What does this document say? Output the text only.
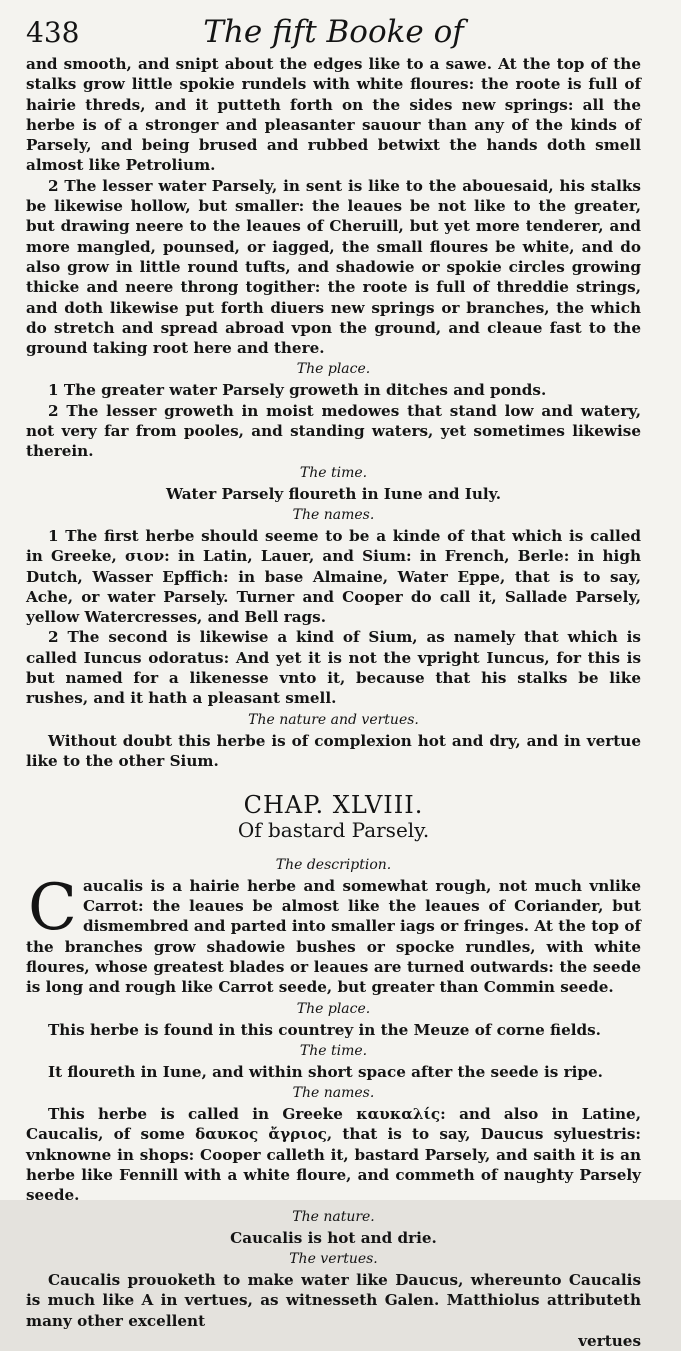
438	The fift Booke of

and smooth, and snipt about the edges like to a sawe. At the top of the stalks grow little spokie rundels with white floures: the roote is full of hairie threds, and it putteth forth on the sides new springs: all the herbe is of a stronger and pleasanter sauour than any of the kinds of Parsely, and being brused and rubbed betwixt the hands doth smell almost like Petrolium.

2 The lesser water Parsely, in sent is like to the abouesaid, his stalks be likewise hollow, but smaller: the leaues be not like to the greater, but drawing neere to the leaues of Cheruill, but yet more tenderer, and more mangled, pounsed, or iagged, the small floures be white, and do also grow in little round tufts, and shadowie or spokie circles growing thicke and neere throng togither: the roote is full of threddie strings, and doth likewise put forth diuers new springs or branches, the which do stretch and spread abroad vpon the ground, and cleaue fast to the ground taking root here and there.

The place.

1 The greater water Parsely groweth in ditches and ponds.

2 The lesser groweth in moist medowes that stand low and watery, not very far from pooles, and standing waters, yet sometimes likewise therein.

The time.

Water Parsely floureth in Iune and Iuly.

The names.

1 The first herbe should seeme to be a kinde of that which is called in Greeke, σιον: in Latin, Lauer, and Sium: in French, Berle: in high Dutch, Wasser Epffich: in base Almaine, Water Eppe, that is to say, Ache, or water Parsely. Turner and Cooper do call it, Sallade Parsely, yellow Watercresses, and Bell rags.

2 The second is likewise a kind of Sium, as namely that which is called Iuncus odoratus: And yet it is not the vpright Iuncus, for this is but named for a likenesse vnto it, because that his stalks be like rushes, and it hath a pleasant smell.

The nature and vertues.

Without doubt this herbe is of complexion hot and dry, and in vertue like to the other Sium.

CHAP. XLVIII.
Of bastard Parsely.
The description.

Caucalis is a hairie herbe and somewhat rough, not much vnlike Carrot: the leaues be almost like the leaues of Coriander, but dismembred and parted into smaller iags or fringes. At the top of the branches grow shadowie bushes or spocke rundles, with white floures, whose greatest blades or leaues are turned outwards: the seede is long and rough like Carrot seede, but greater than Commin seede.

The place.

This herbe is found in this countrey in the Meuze of corne fields.

The time.

It floureth in Iune, and within short space after the seede is ripe.

The names.

This herbe is called in Greeke καυκαλίς: and also in Latine, Caucalis, of some δαυκος ἄγριος, that is to say, Daucus syluestris: vnknowne in shops: Cooper calleth it, bastard Parsely, and saith it is an herbe like Fennill with a white floure, and commeth of naughty Parsely seede.

The nature.

Caucalis is hot and drie.

The vertues.

Caucalis prouoketh to make water like Daucus, whereunto Caucalis is much like A in vertues, as witnesseth Galen. Matthiolus attributeth many other excellent

vertues
